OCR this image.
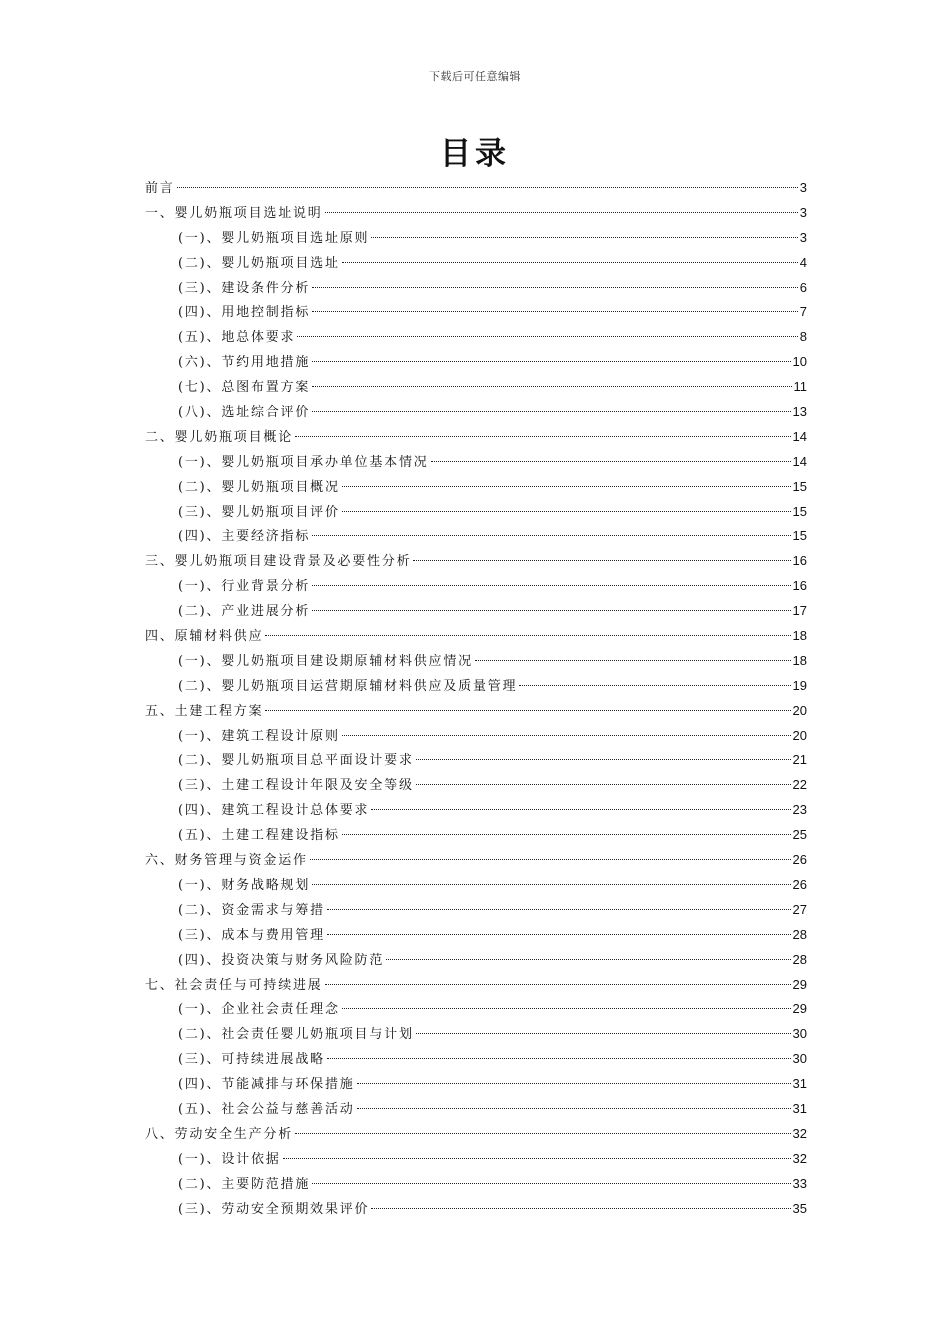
下载后可任意编辑
目录
前言	3
一、婴儿奶瓶项目选址说明	3
(一)、婴儿奶瓶项目选址原则	3
(二)、婴儿奶瓶项目选址	4
(三)、建设条件分析	6
(四)、用地控制指标	7
(五)、地总体要求	8
(六)、节约用地措施	10
(七)、总图布置方案	11
(八)、选址综合评价	13
二、婴儿奶瓶项目概论	14
(一)、婴儿奶瓶项目承办单位基本情况	14
(二)、婴儿奶瓶项目概况	15
(三)、婴儿奶瓶项目评价	15
(四)、主要经济指标	15
三、婴儿奶瓶项目建设背景及必要性分析	16
(一)、行业背景分析	16
(二)、产业进展分析	17
四、原辅材料供应	18
(一)、婴儿奶瓶项目建设期原辅材料供应情况	18
(二)、婴儿奶瓶项目运营期原辅材料供应及质量管理	19
五、土建工程方案	20
(一)、建筑工程设计原则	20
(二)、婴儿奶瓶项目总平面设计要求	21
(三)、土建工程设计年限及安全等级	22
(四)、建筑工程设计总体要求	23
(五)、土建工程建设指标	25
六、财务管理与资金运作	26
(一)、财务战略规划	26
(二)、资金需求与筹措	27
(三)、成本与费用管理	28
(四)、投资决策与财务风险防范	28
七、社会责任与可持续进展	29
(一)、企业社会责任理念	29
(二)、社会责任婴儿奶瓶项目与计划	30
(三)、可持续进展战略	30
(四)、节能减排与环保措施	31
(五)、社会公益与慈善活动	31
八、劳动安全生产分析	32
(一)、设计依据	32
(二)、主要防范措施	33
(三)、劳动安全预期效果评价	35
